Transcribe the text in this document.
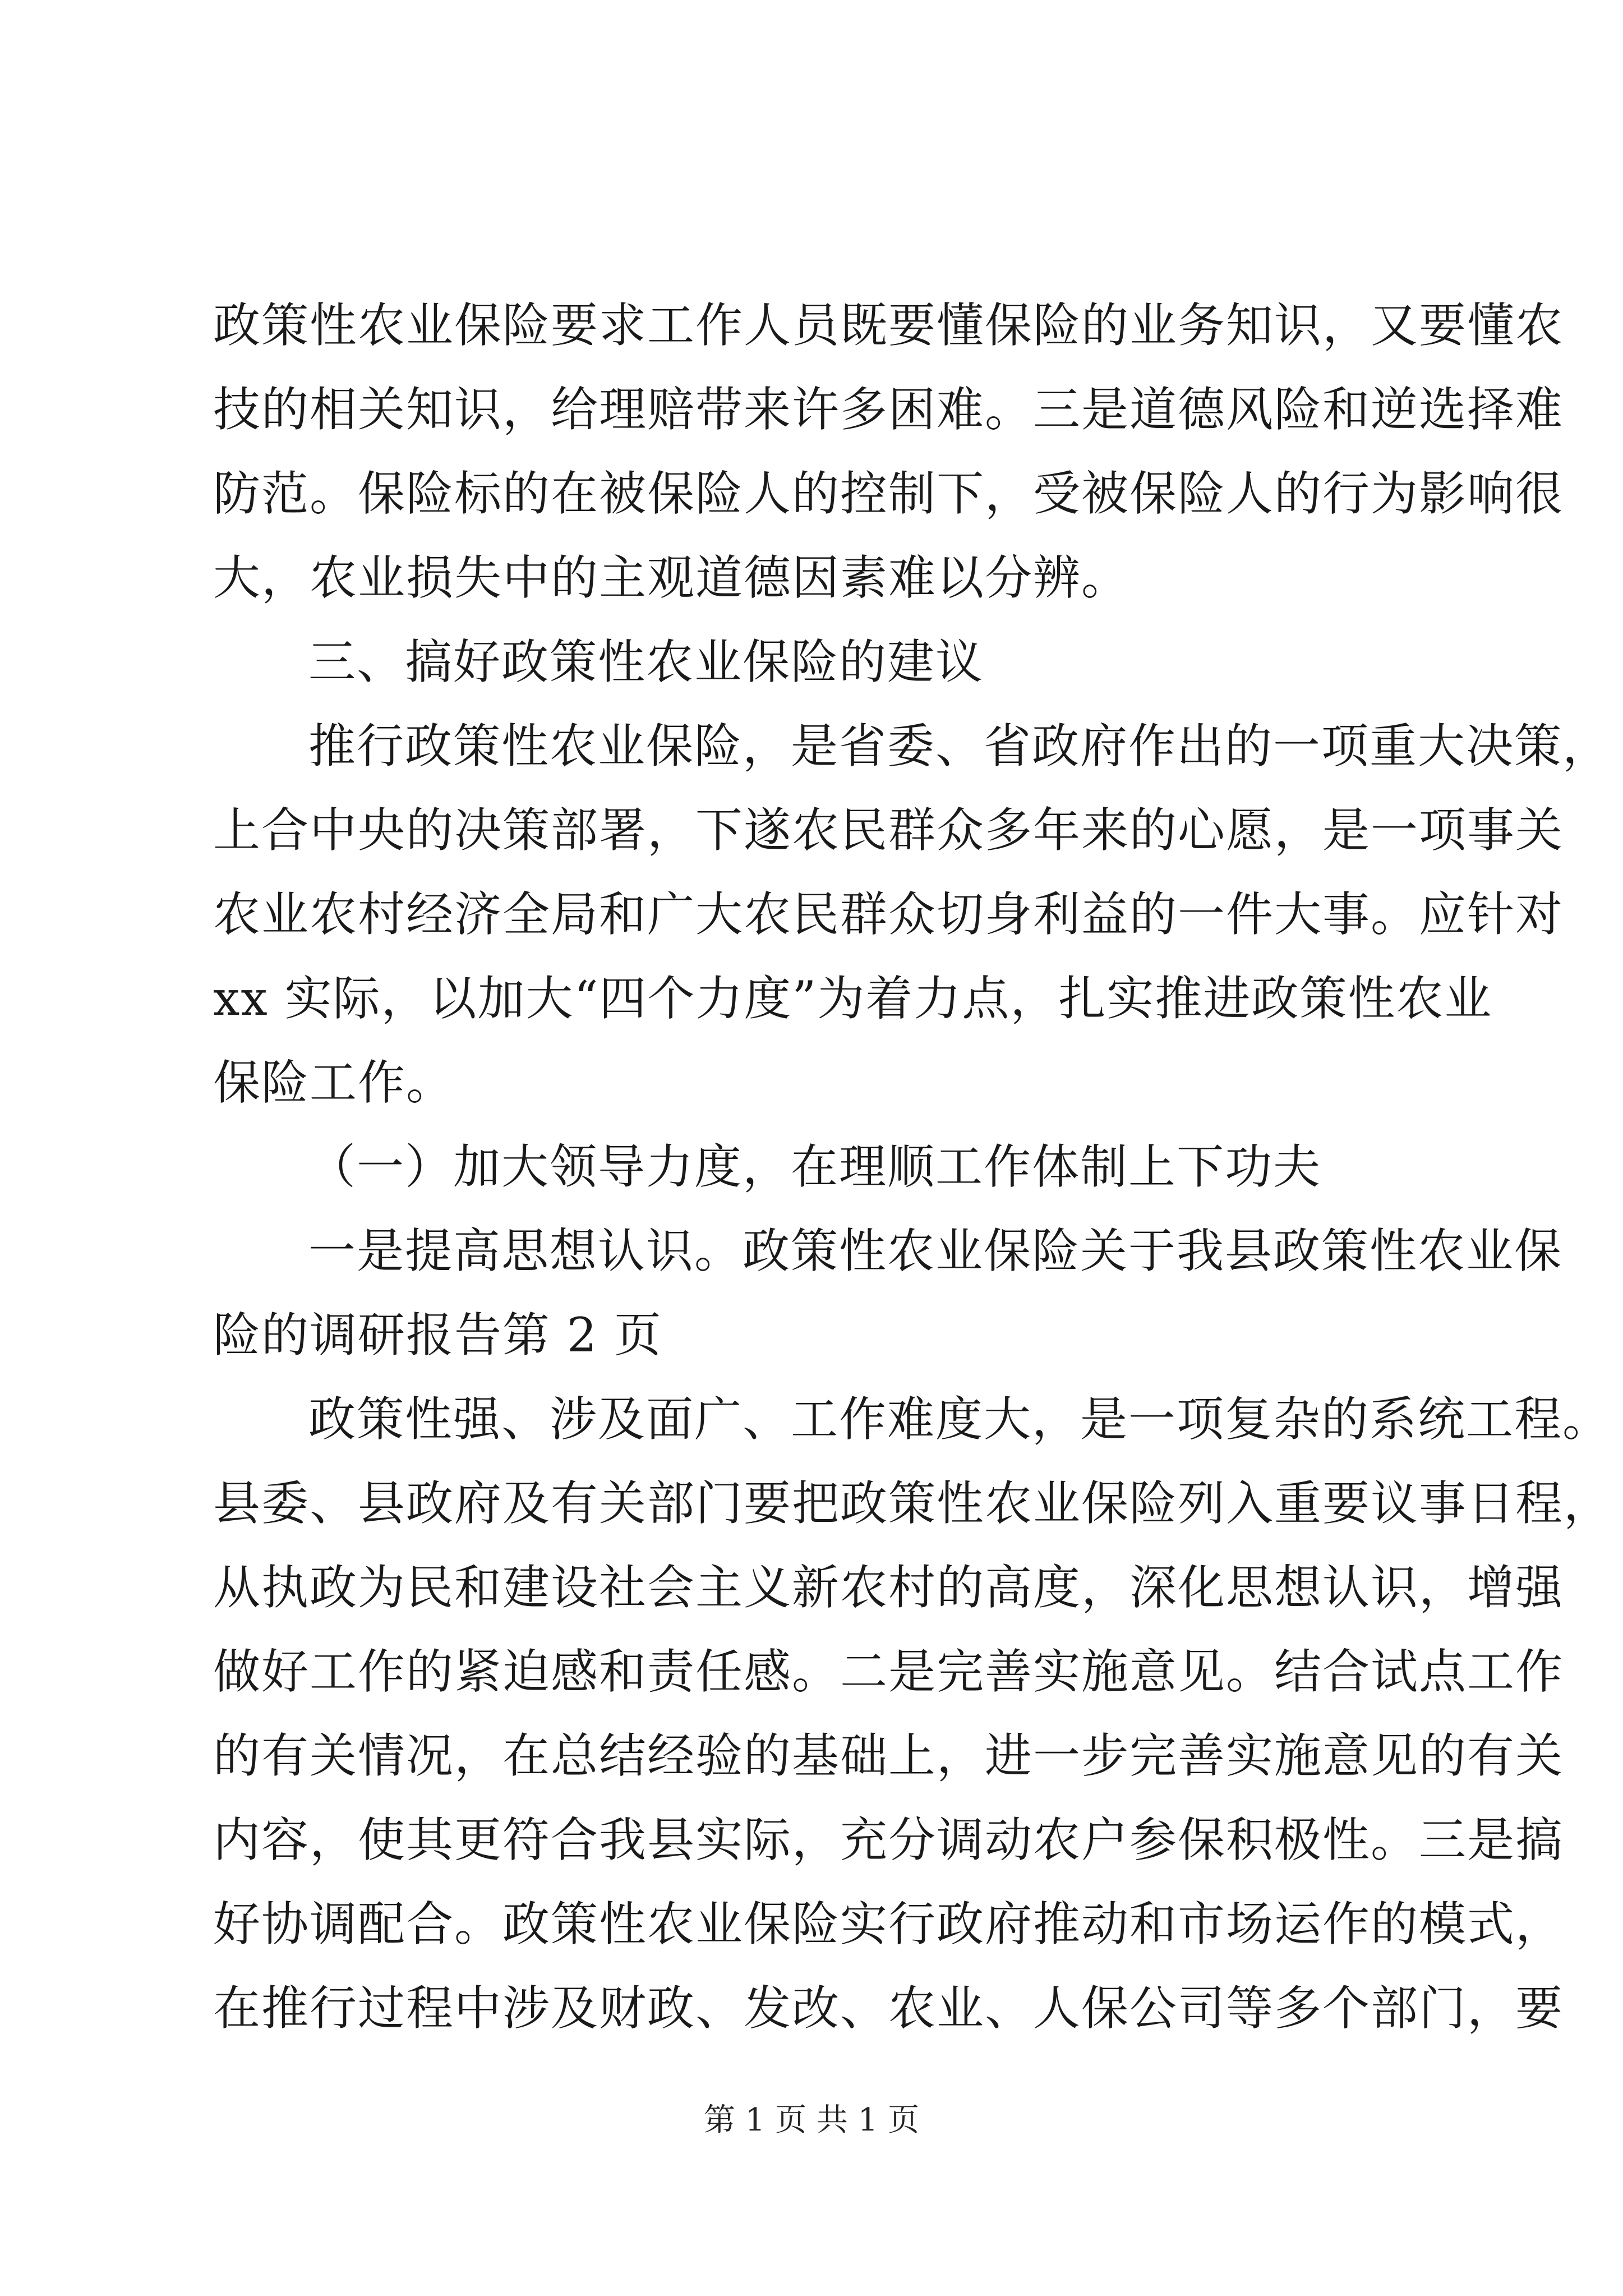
政策性农业保险要求工作人员既要懂保险的业务知识，又要懂农
技的相关知识，给理赔带来许多困难。三是道德风险和逆选择难
防范。保险标的在被保险人的控制下，受被保险人的行为影响很
大，农业损失中的主观道德因素难以分辨。
三、搞好政策性农业保险的建议
推行政策性农业保险，是省委、省政府作出的一项重大决策，
上合中央的决策部署，下遂农民群众多年来的心愿，是一项事关
农业农村经济全局和广大农民群众切身利益的一件大事。应针对
xx 实际，以加大“四个力度”为着力点，扎实推进政策性农业
保险工作。
（一）加大领导力度，在理顺工作体制上下功夫
一是提高思想认识。政策性农业保险关于我县政策性农业保
险的调研报告第 2 页
政策性强、涉及面广、工作难度大，是一项复杂的系统工程。
县委、县政府及有关部门要把政策性农业保险列入重要议事日程，
从执政为民和建设社会主义新农村的高度，深化思想认识，增强
做好工作的紧迫感和责任感。二是完善实施意见。结合试点工作
的有关情况，在总结经验的基础上，进一步完善实施意见的有关
内容，使其更符合我县实际，充分调动农户参保积极性。三是搞
好协调配合。政策性农业保险实行政府推动和市场运作的模式，
在推行过程中涉及财政、发改、农业、人保公司等多个部门，要
第 1 页 共 1 页
